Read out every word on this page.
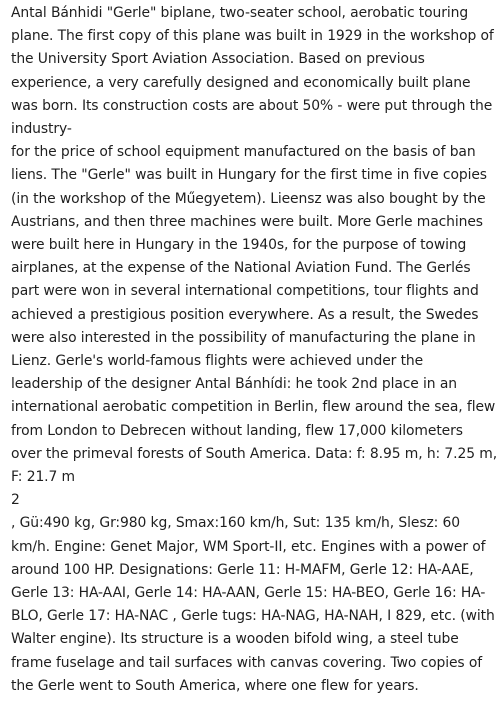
Antal Bánhidi "Gerle" biplane, two-seater school, aerobatic touring
plane. The first copy of this plane was built in 1929 in the workshop of
the University Sport Aviation Association. Based on previous
experience, a very carefully designed and economically built plane
was born. Its construction costs are about 50% - were put through the
industry-
for the price of school equipment manufactured on the basis of ban
liens. The "Gerle" was built in Hungary for the first time in five copies
(in the workshop of the Műegyetem). Lieensz was also bought by the
Austrians, and then three machines were built. More Gerle machines
were built here in Hungary in the 1940s, for the purpose of towing
airplanes, at the expense of the National Aviation Fund. The Gerlés
part were won in several international competitions, tour flights and
achieved a prestigious position everywhere. As a result, the Swedes
were also interested in the possibility of manufacturing the plane in
Lienz. Gerle's world-famous flights were achieved under the
leadership of the designer Antal Bánhídi: he took 2nd place in an
international aerobatic competition in Berlin, flew around the sea, flew
from London to Debrecen without landing, flew 17,000 kilometers
over the primeval forests of South America. Data: f: 8.95 m, h: 7.25 m,
F: 21.7 m
2
, Gü:490 kg, Gr:980 kg, Smax:160 km/h, Sut: 135 km/h, Slesz: 60
km/h. Engine: Genet Major, WM Sport-II, etc. Engines with a power of
around 100 HP. Designations: Gerle 11: H-MAFM, Gerle 12: HA-AAE,
Gerle 13: HA-AAI, Gerle 14: HA-AAN, Gerle 15: HA-BEO, Gerle 16: HA-
BLO, Gerle 17: HA-NAC , Gerle tugs: HA-NAG, HA-NAH, I 829, etc. (with
Walter engine). Its structure is a wooden bifold wing, a steel tube
frame fuselage and tail surfaces with canvas covering. Two copies of
the Gerle went to South America, where one flew for years.
